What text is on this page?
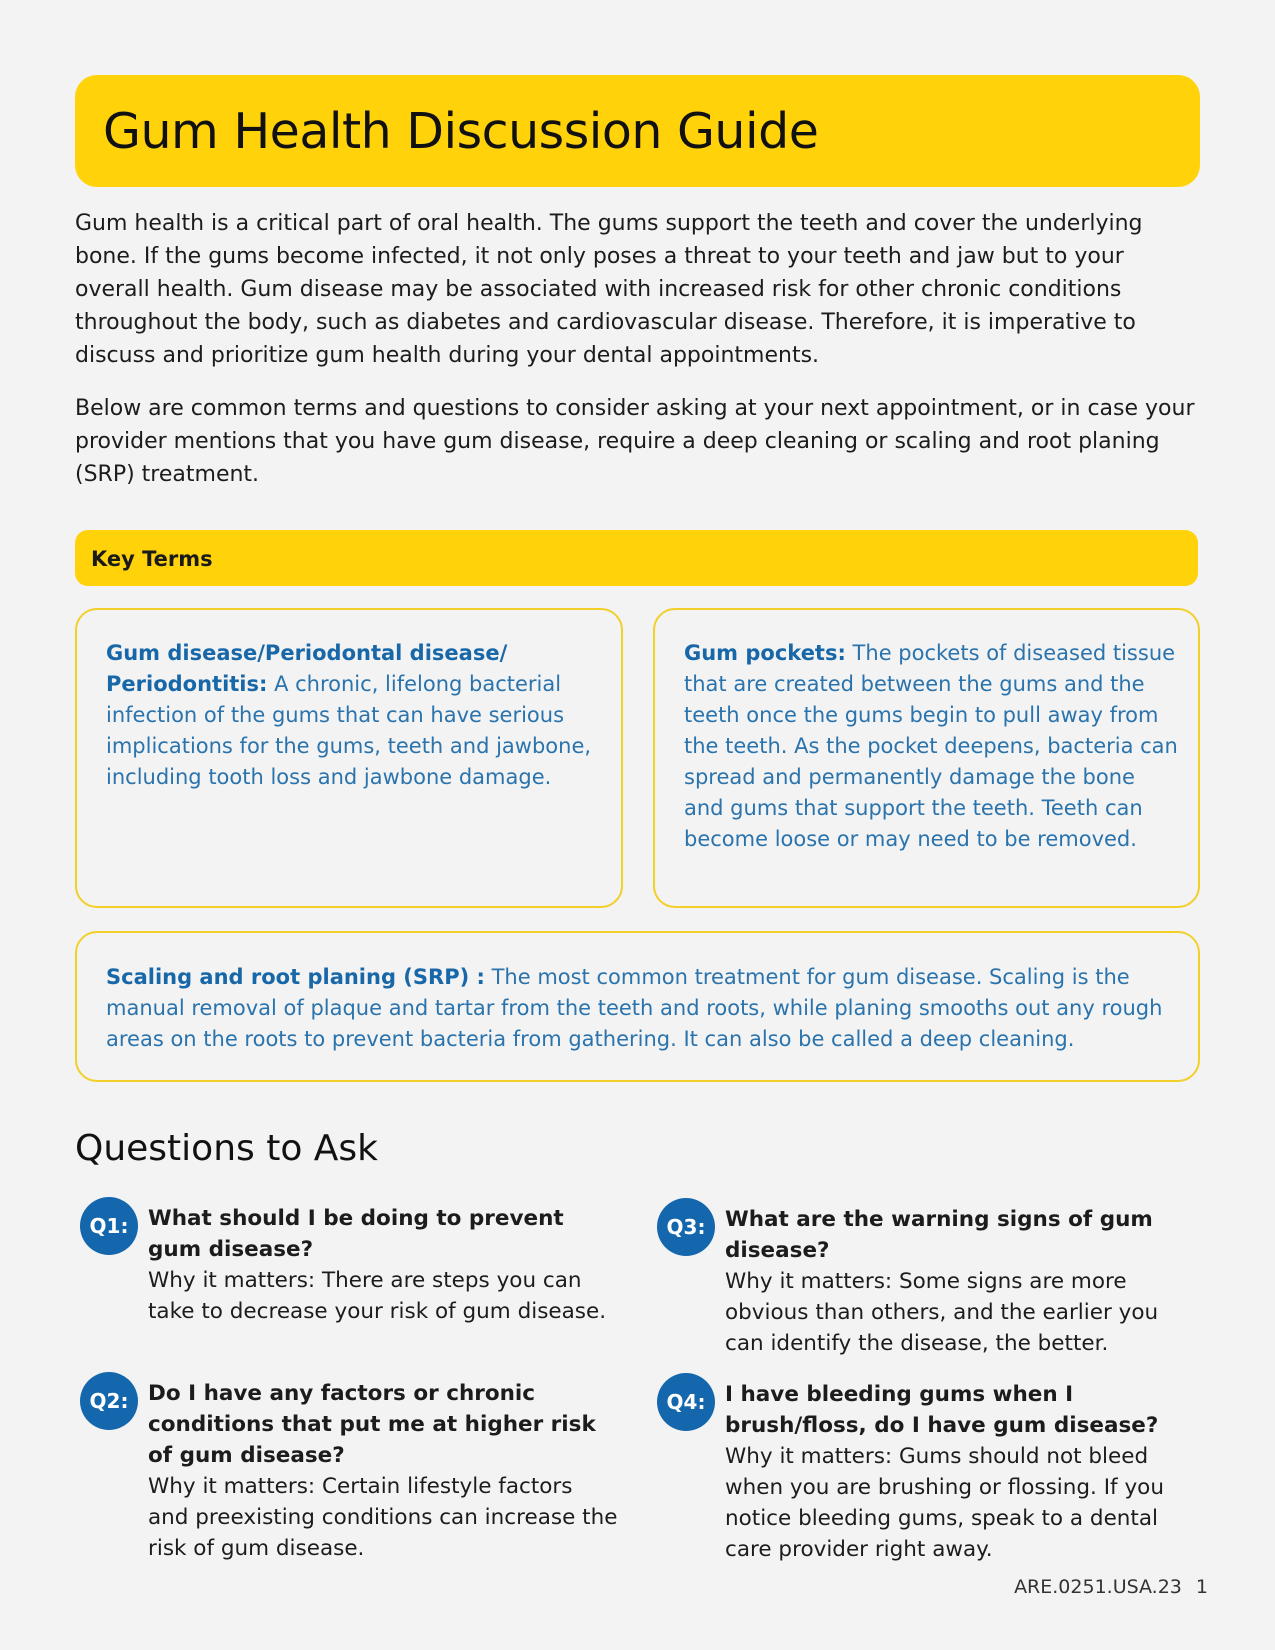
Gum Health Discussion Guide

Gum health is a critical part of oral health. The gums support the teeth and cover the underlying bone. If the gums become infected, it not only poses a threat to your teeth and jaw but to your overall health. Gum disease may be associated with increased risk for other chronic conditions throughout the body, such as diabetes and cardiovascular disease. Therefore, it is imperative to discuss and prioritize gum health during your dental appointments.

Below are common terms and questions to consider asking at your next appointment, or in case your provider mentions that you have gum disease, require a deep cleaning or scaling and root planing (SRP) treatment.

Key Terms
Gum disease/Periodontal disease/ Periodontitis: A chronic, lifelong bacterial infection of the gums that can have serious implications for the gums, teeth and jawbone, including tooth loss and jawbone damage.
Gum pockets: The pockets of diseased tissue that are created between the gums and the teeth once the gums begin to pull away from the teeth. As the pocket deepens, bacteria can spread and permanently damage the bone and gums that support the teeth. Teeth can become loose or may need to be removed.
Scaling and root planing (SRP) : The most common treatment for gum disease. Scaling is the manual removal of plaque and tartar from the teeth and roots, while planing smooths out any rough areas on the roots to prevent bacteria from gathering. It can also be called a deep cleaning.
Questions to Ask
Q1: What should I be doing to prevent gum disease?
Why it matters: There are steps you can take to decrease your risk of gum disease.
Q2: Do I have any factors or chronic conditions that put me at higher risk of gum disease?
Why it matters: Certain lifestyle factors and preexisting conditions can increase the risk of gum disease.
Q3: What are the warning signs of gum disease?
Why it matters: Some signs are more obvious than others, and the earlier you can identify the disease, the better.
Q4: I have bleeding gums when I brush/floss, do I have gum disease?
Why it matters: Gums should not bleed when you are brushing or flossing. If you notice bleeding gums, speak to a dental care provider right away.
ARE.0251.USA.23 1
